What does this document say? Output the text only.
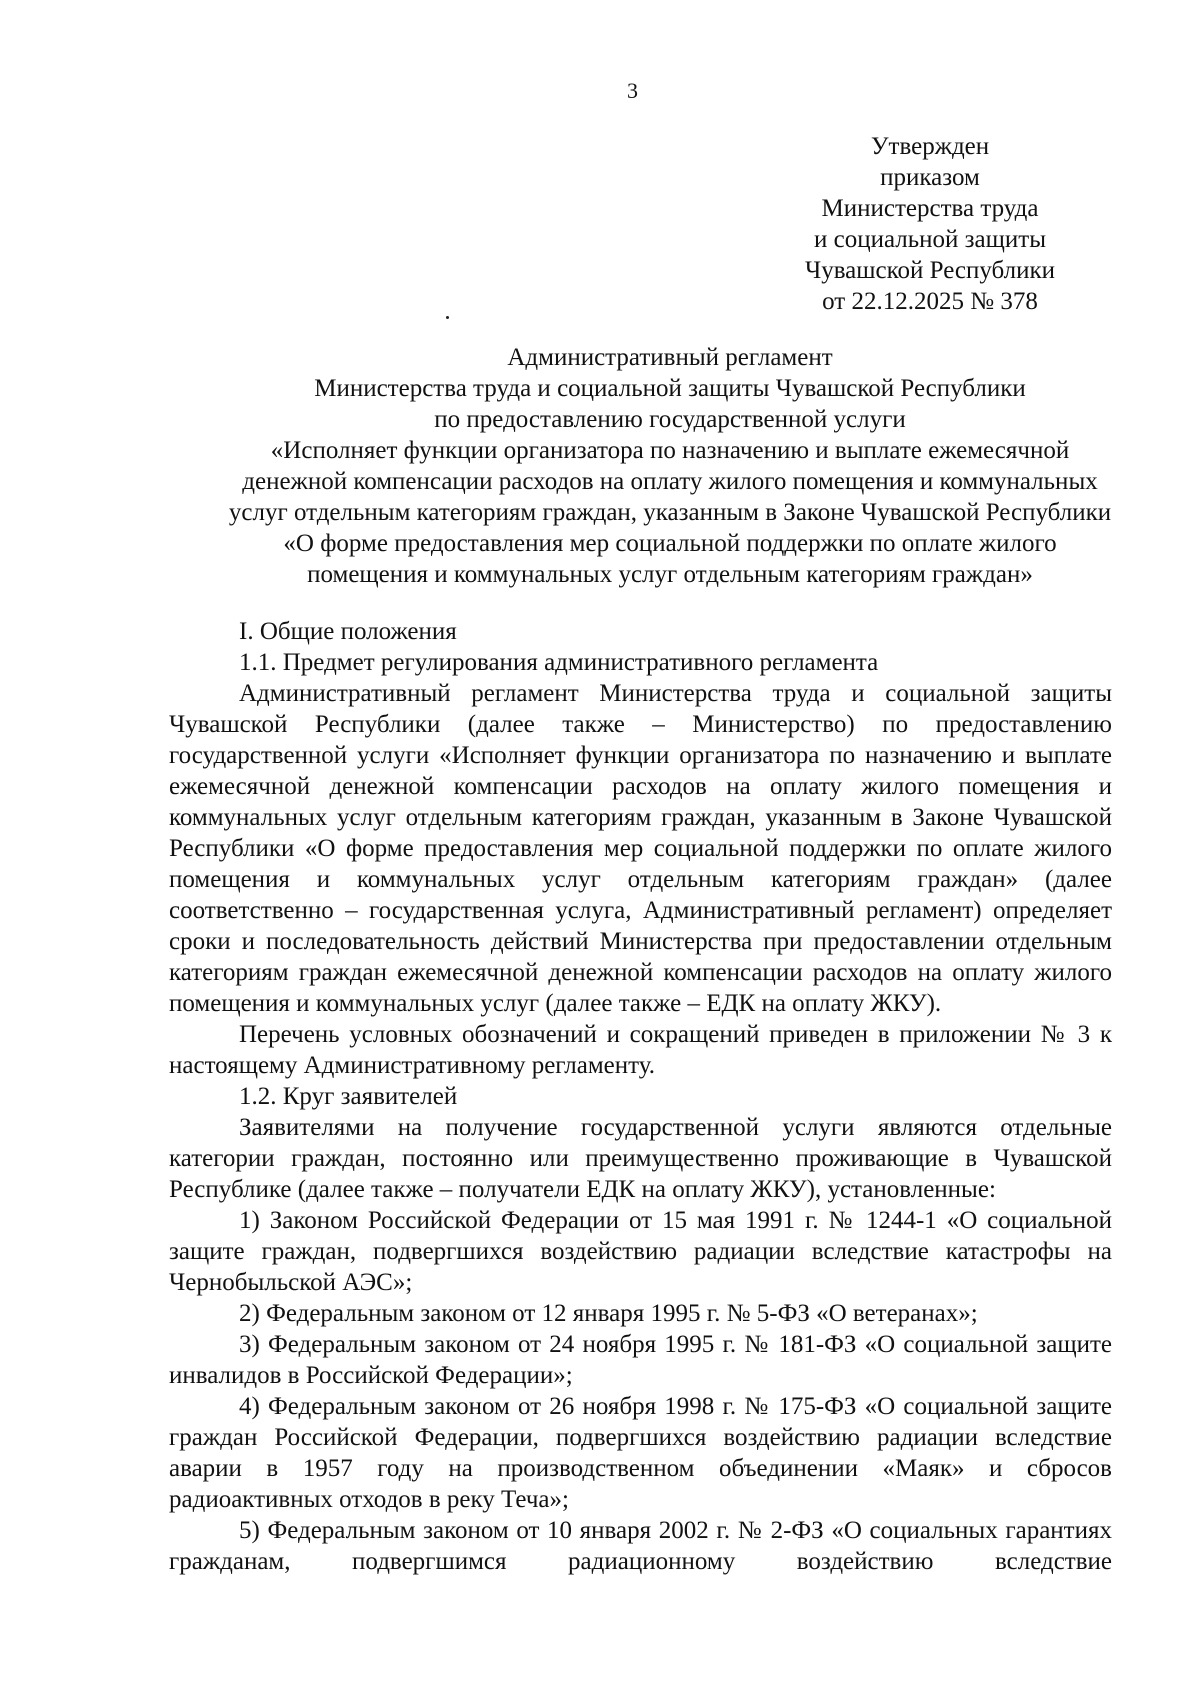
3
Утвержден
приказом
Министерства труда
и социальной защиты
Чувашской Республики
от 22.12.2025 № 378
Административный регламент
Министерства труда и социальной защиты Чувашской Республики
по предоставлению государственной услуги
«Исполняет функции организатора по назначению и выплате ежемесячной
денежной компенсации расходов на оплату жилого помещения и коммунальных
услуг отдельным категориям граждан, указанным в Законе Чувашской Республики
«О форме предоставления мер социальной поддержки по оплате жилого
помещения и коммунальных услуг отдельным категориям граждан»

I. Общие положения

1.1. Предмет регулирования административного регламента

Административный регламент Министерства труда и социальной защиты Чувашской Республики (далее также – Министерство) по предоставлению государственной услуги «Исполняет функции организатора по назначению и выплате ежемесячной денежной компенсации расходов на оплату жилого помещения и коммунальных услуг отдельным категориям граждан, указанным в Законе Чувашской Республики «О форме предоставления мер социальной поддержки по оплате жилого помещения и коммунальных услуг отдельным категориям граждан» (далее соответственно – государственная услуга, Административный регламент) определяет сроки и последовательность действий Министерства при предоставлении отдельным категориям граждан ежемесячной денежной компенсации расходов на оплату жилого помещения и коммунальных услуг (далее также – ЕДК на оплату ЖКУ).

Перечень условных обозначений и сокращений приведен в приложении № 3 к настоящему Административному регламенту.

1.2. Круг заявителей

Заявителями на получение государственной услуги являются отдельные категории граждан, постоянно или преимущественно проживающие в Чувашской Республике (далее также – получатели ЕДК на оплату ЖКУ), установленные:

1) Законом Российской Федерации от 15 мая 1991 г. № 1244-1 «О социальной защите граждан, подвергшихся воздействию радиации вследствие катастрофы на Чернобыльской АЭС»;

2) Федеральным законом от 12 января 1995 г. № 5-ФЗ «О ветеранах»;

3) Федеральным законом от 24 ноября 1995 г. № 181-ФЗ «О социальной защите инвалидов в Российской Федерации»;

4) Федеральным законом от 26 ноября 1998 г. № 175-ФЗ «О социальной защите граждан Российской Федерации, подвергшихся воздействию радиации вследствие аварии в 1957 году на производственном объединении «Маяк» и сбросов радиоактивных отходов в реку Теча»;

5) Федеральным законом от 10 января 2002 г. № 2-ФЗ «О социальных гарантиях гражданам, подвергшимся радиационному воздействию вследствие
